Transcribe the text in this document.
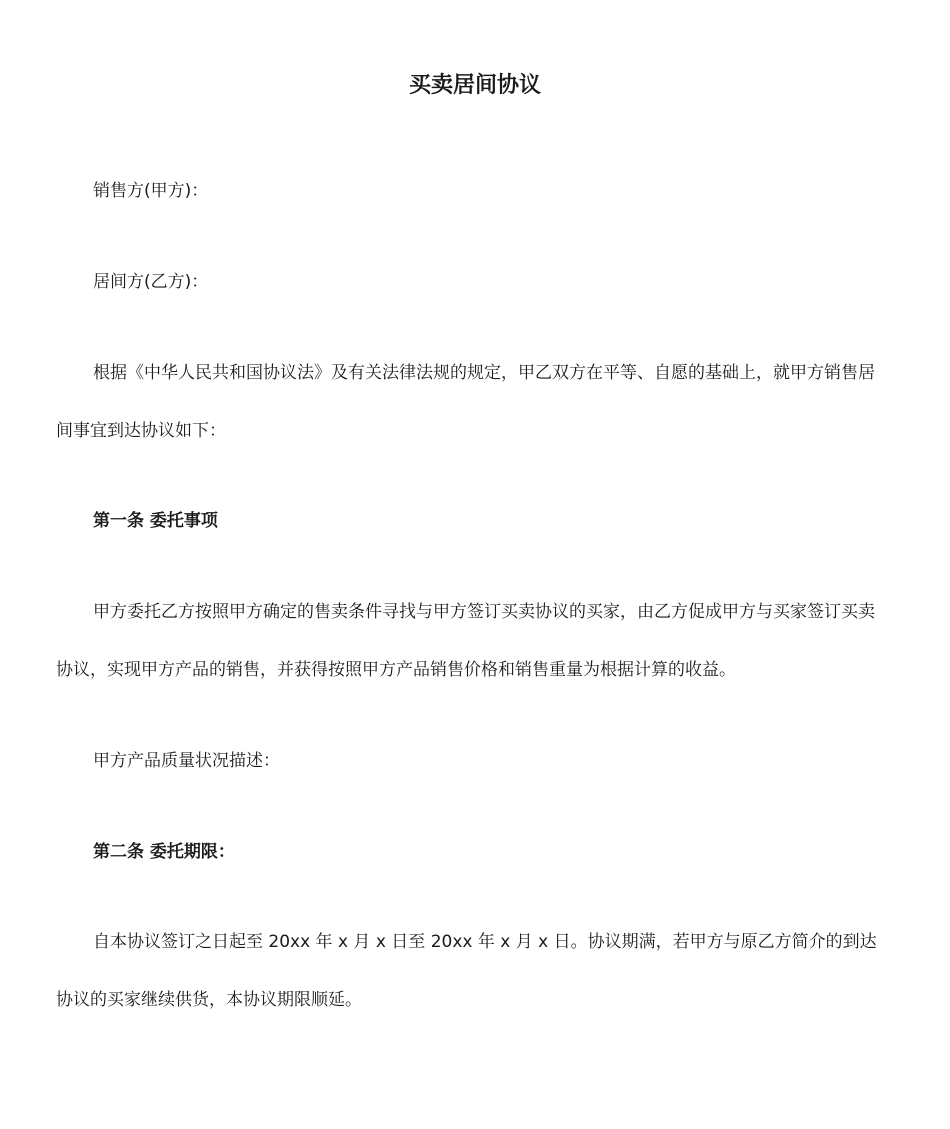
买卖居间协议

销售方(甲方)：

居间方(乙方)：

根据《中华人民共和国协议法》及有关法律法规的规定，甲乙双方在平等、自愿的基础上，就甲方销售居间事宜到达协议如下：

第一条 委托事项

甲方委托乙方按照甲方确定的售卖条件寻找与甲方签订买卖协议的买家，由乙方促成甲方与买家签订买卖协议，实现甲方产品的销售，并获得按照甲方产品销售价格和销售重量为根据计算的收益。

甲方产品质量状况描述：

第二条 委托期限：

自本协议签订之日起至 20xx 年 x 月 x 日至 20xx 年 x 月 x 日。协议期满，若甲方与原乙方简介的到达协议的买家继续供货，本协议期限顺延。
